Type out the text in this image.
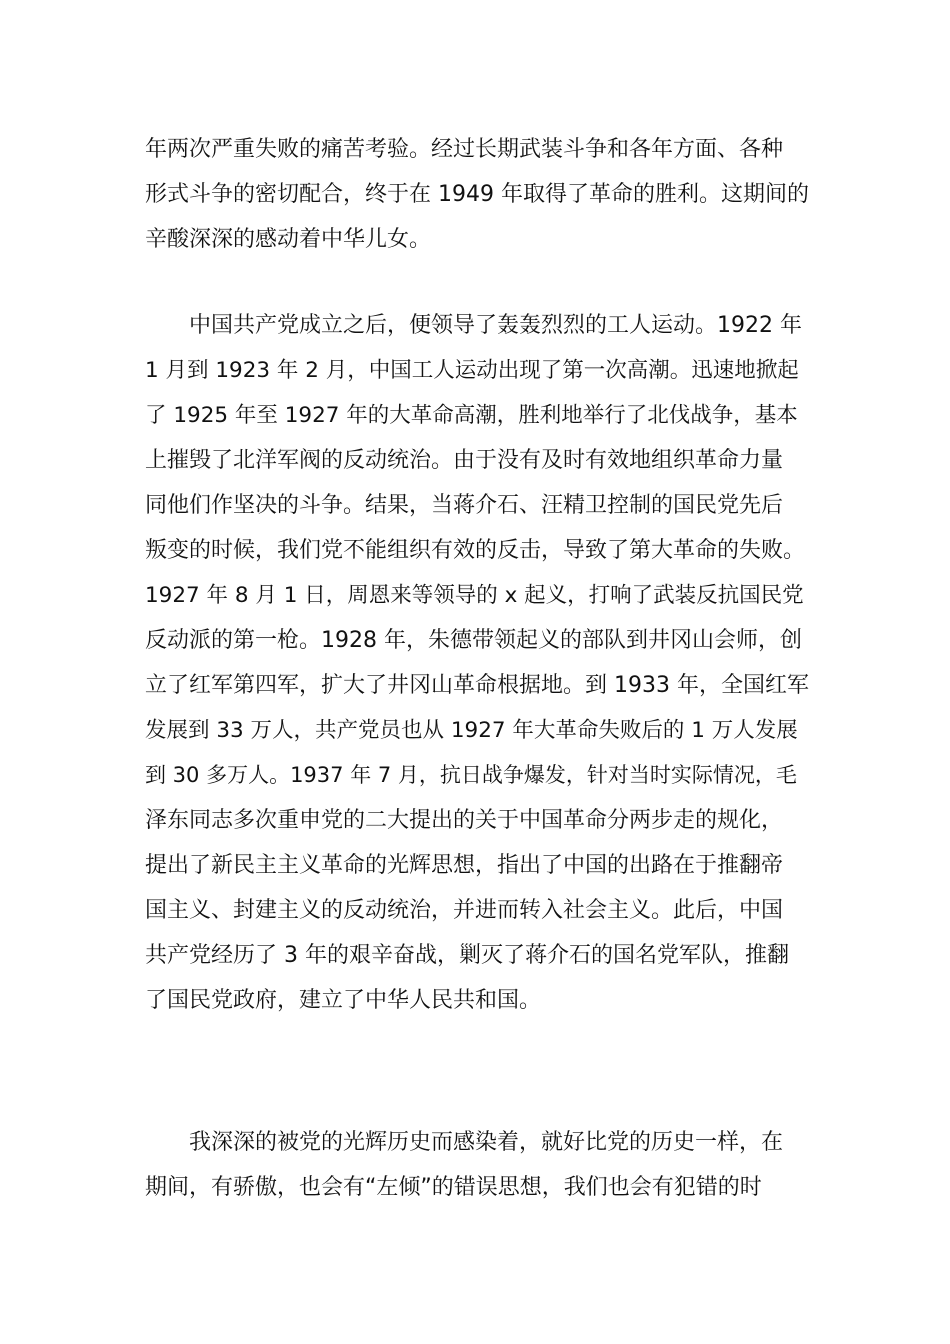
年两次严重失败的痛苦考验。经过长期武装斗争和各年方面、各种
形式斗争的密切配合，终于在 1949 年取得了革命的胜利。这期间的
辛酸深深的感动着中华儿女。
　　中国共产党成立之后，便领导了轰轰烈烈的工人运动。1922 年
1 月到 1923 年 2 月，中国工人运动出现了第一次高潮。迅速地掀起
了 1925 年至 1927 年的大革命高潮，胜利地举行了北伐战争，基本
上摧毁了北洋军阀的反动统治。由于没有及时有效地组织革命力量
同他们作坚决的斗争。结果，当蒋介石、汪精卫控制的国民党先后
叛变的时候，我们党不能组织有效的反击，导致了第大革命的失败。
1927 年 8 月 1 日，周恩来等领导的 x 起义，打响了武装反抗国民党
反动派的第一枪。1928 年，朱德带领起义的部队到井冈山会师，创
立了红军第四军，扩大了井冈山革命根据地。到 1933 年，全国红军
发展到 33 万人，共产党员也从 1927 年大革命失败后的 1 万人发展
到 30 多万人。1937 年 7 月，抗日战争爆发，针对当时实际情况，毛
泽东同志多次重申党的二大提出的关于中国革命分两步走的规化，
提出了新民主主义革命的光辉思想，指出了中国的出路在于推翻帝
国主义、封建主义的反动统治，并进而转入社会主义。此后，中国
共产党经历了 3 年的艰辛奋战，剿灭了蒋介石的国名党军队，推翻
了国民党政府，建立了中华人民共和国。
　　我深深的被党的光辉历史而感染着，就好比党的历史一样，在
期间，有骄傲，也会有“左倾”的错误思想，我们也会有犯错的时
